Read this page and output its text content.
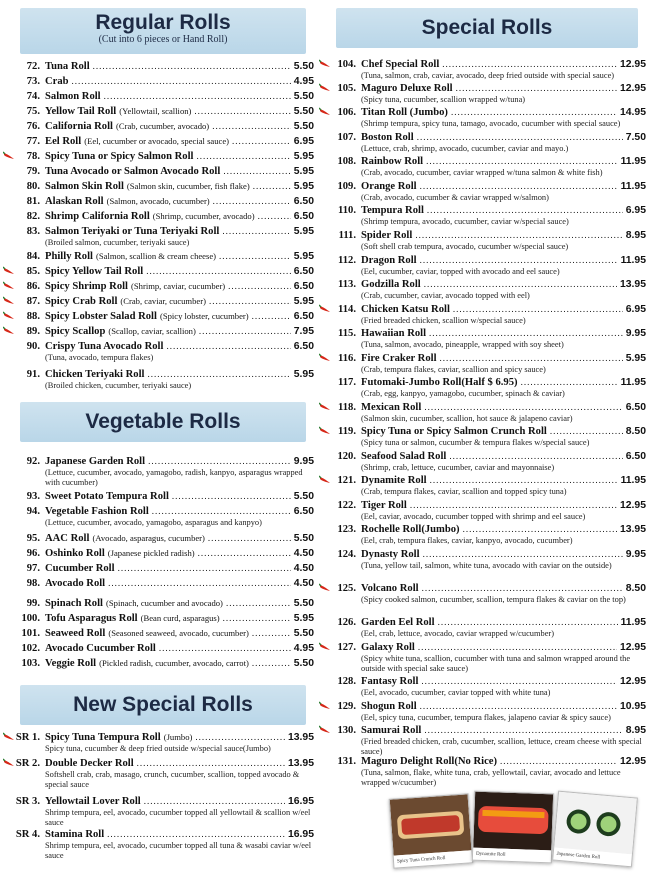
Regular Rolls
(Cut into 6 pieces or Hand Roll)
72. Tuna Roll .....	5.50
73. Crab .....	4.95
74. Salmon Roll .....	5.50
75. Yellow Tail Roll (Yellowtail, scallion) .....	5.50
76. California Roll (Crab, cucumber, avocado) .....	5.50
77. Eel Roll (Eel, cucumber or avocado, special sauce) .....	6.95
78. Spicy Tuna or Spicy Salmon Roll .....	5.95
79. Tuna Avocado or Salmon Avocado Roll .....	5.95
80. Salmon Skin Roll (Salmon skin, cucumber, fish flake) .....	5.95
81. Alaskan Roll (Salmon, avocado, cucumber) .....	6.50
82. Shrimp California Roll (Shrimp, cucumber, avocado) .....	6.50
83. Salmon Teriyaki or Tuna Teriyaki Roll .....	5.95
(Broiled salmon, cucumber, teriyaki sauce)
84. Philly Roll (Salmon, scallion & cream cheese) .....	5.95
85. Spicy Yellow Tail Roll .....	6.50
86. Spicy Shrimp Roll (Shrimp, caviar, cucumber) .....	6.50
87. Spicy Crab Roll (Crab, caviar, cucumber) .....	5.95
88. Spicy Lobster Salad Roll (Spicy lobster, cucumber) .....	6.50
89. Spicy Scallop (Scallop, caviar, scallion) .....	7.95
90. Crispy Tuna Avocado Roll .....	6.50
(Tuna, avocado, tempura flakes)
91. Chicken Teriyaki Roll .....	5.95
(Broiled chicken, cucumber, teriyaki sauce)
Vegetable Rolls
92. Japanese Garden Roll .....	9.95
(Lettuce, cucumber, avocado, yamagobo, radish, kanpyo, asparagus wrapped with cucumber)
93. Sweet Potato Tempura Roll .....	5.50
94. Vegetable Fashion Roll .....	6.50
(Lettuce, cucumber, avocado, yamagobo, asparagus and kanpyo)
95. AAC Roll (Avocado, asparagus, cucumber) .....	5.50
96. Oshinko Roll (Japanese pickled radish) .....	4.50
97. Cucumber Roll .....	4.50
98. Avocado Roll .....	4.50
99. Spinach Roll (Spinach, cucumber and avocado) .....	5.50
100. Tofu Asparagus Roll (Bean curd, asparagus) .....	5.95
101. Seaweed Roll (Seasoned seaweed, avocado, cucumber) .....	5.50
102. Avocado Cucumber Roll .....	4.95
103. Veggie Roll (Pickled radish, cucumber, avocado, carrot) .....	5.50
New Special Rolls
SR 1. Spicy Tuna Tempura Roll (Jumbo) .....	13.95
Spicy tuna, cucumber & deep fried outside w/special sauce(Jumbo)
SR 2. Double Decker Roll .....	13.95
Softshell crab, crab, masago, crunch, cucumber, scallion, topped avocado & special sauce
SR 3. Yellowtail Lover Roll .....	16.95
Shrimp tempura, eel, avocado, cucumber topped all yellowtail & scallion w/eel sauce
SR 4. Stamina Roll .....	16.95
Shrimp tempura, eel, avocado, cucumber topped all tuna & wasabi caviar w/eel sauce
Special Rolls
104. Chef Special Roll .....	12.95
(Tuna, salmon, crab, caviar, avocado, deep fried outside with special sauce)
105. Maguro Deluxe Roll .....	12.95
(Spicy tuna, cucumber, scallion wrapped w/tuna)
106. Titan Roll (Jumbo) .....	14.95
(Shrimp tempura, spicy tuna, tamago, avocado, cucumber with special sauce)
107. Boston Roll .....	7.50
(Lettuce, crab, shrimp, avocado, cucumber, caviar and mayo.)
108. Rainbow Roll .....	11.95
(Crab, avocado, cucumber, caviar wrapped w/tuna salmon & white fish)
109. Orange Roll .....	11.95
(Crab, avocado, cucumber & caviar wrapped w/salmon)
110. Tempura Roll .....	6.95
(Shrimp tempura, avocado, cucumber, caviar w/special sauce)
111. Spider Roll .....	8.95
(Soft shell crab tempura, avocado, cucumber w/special sauce)
112. Dragon Roll .....	11.95
(Eel, cucumber, caviar, topped with avocado and eel sauce)
113. Godzilla Roll .....	13.95
(Crab, cucumber, caviar, avocado topped with eel)
114. Chicken Katsu Roll .....	6.95
(Fried breaded chicken, scallion w/special sauce)
115. Hawaiian Roll .....	9.95
(Tuna, salmon, avocado, pineapple, wrapped with soy sheet)
116. Fire Craker Roll .....	5.95
(Crab, tempura flakes, caviar, scallion and spicy sauce)
117. Futomaki-Jumbo Roll(Half $ 6.95) .....	11.95
(Crab, egg, kanpyo, yamagobo, cucumber, spinach & caviar)
118. Mexican Roll .....	6.50
(Salmon skin, cucumber, scallion, hot sauce & jalapeno caviar)
119. Spicy Tuna or Spicy Salmon Crunch Roll .....	8.50
(Spicy tuna or salmon, cucumber & tempura flakes w/special sauce)
120. Seafood Salad Roll .....	6.50
(Shrimp, crab, lettuce, cucumber, caviar and mayonnaise)
121. Dynamite Roll .....	11.95
(Crab, tempura flakes, caviar, scallion and topped spicy tuna)
122. Tiger Roll .....	12.95
(Eel, caviar, avocado, cucumber topped with shrimp and eel sauce)
123. Rochelle Roll(Jumbo) .....	13.95
(Eel, crab, tempura flakes, caviar, kanpyo, avocado, cucumber)
124. Dynasty Roll .....	9.95
(Tuna, yellow tail, salmon, white tuna, avocado with caviar on the outside)
125. Volcano Roll .....	8.50
(Spicy cooked salmon, cucumber, scallion, tempura flakes & caviar on the top)
126. Garden Eel Roll .....	11.95
(Eel, crab, lettuce, avocado, caviar wrapped w/cucumber)
127. Galaxy Roll .....	12.95
(Spicy white tuna, scallion, cucumber with tuna and salmon wrapped around the outside with special sake sauce)
128. Fantasy Roll .....	12.95
(Eel, avocado, cucumber, caviar topped with white tuna)
129. Shogun Roll .....	10.95
(Eel, spicy tuna, cucumber, tempura flakes, jalapeno caviar & spicy sauce)
130. Samurai Roll .....	8.95
(Fried breaded chicken, crab, cucumber, scallion, lettuce, cream cheese with special sauce)
131. Maguro Delight Roll(No Rice) .....	12.95
(Tuna, salmon, flake, white tuna, crab, yellowtail, caviar, avocado and lettuce wrapped w/cucumber)
Spicy Tuna Crunch Roll
Dynamite Roll	Japanese Garden Roll
